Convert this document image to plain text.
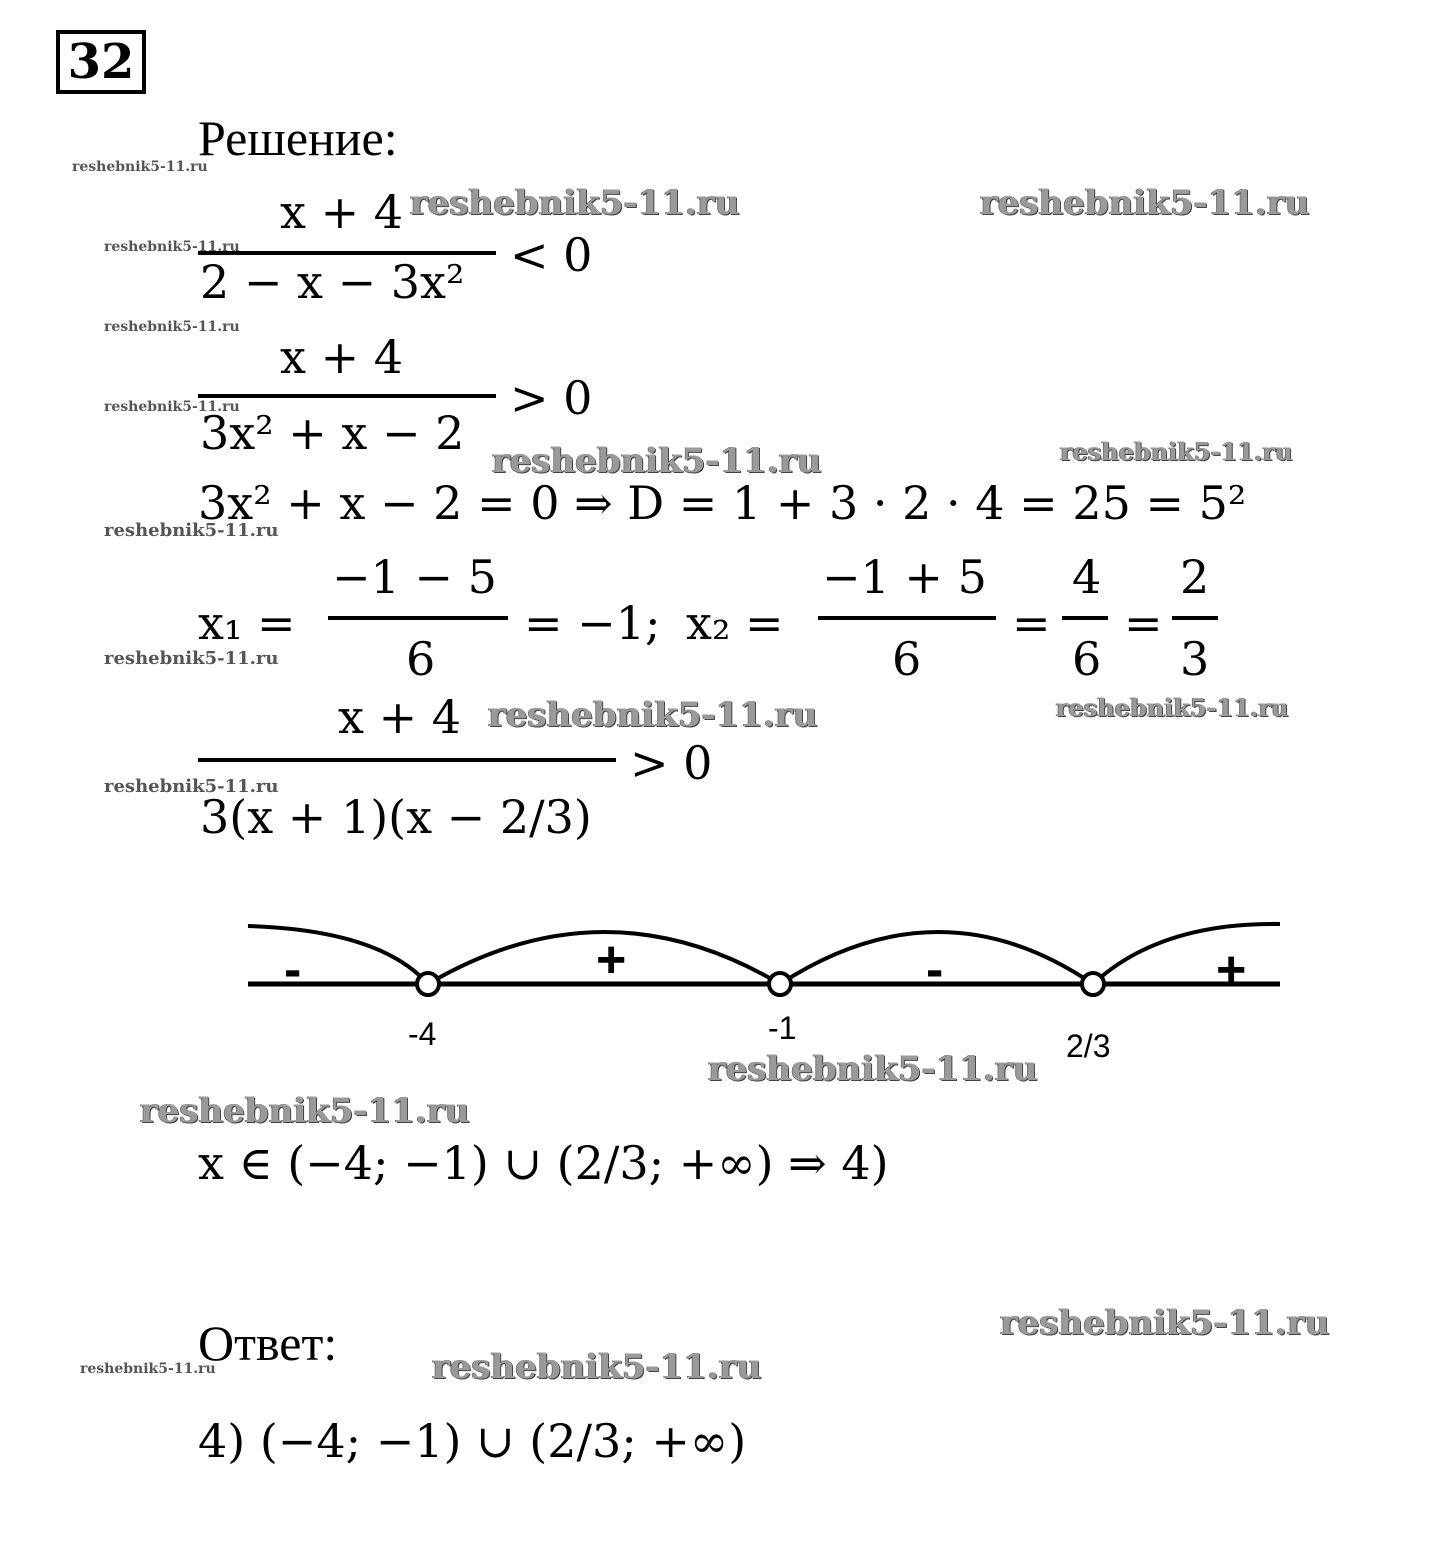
32
Решение:
x + 4
2 − x − 3x² < 0
x + 4
3x² + x − 2
> 0
3x² + x − 2 = 0 ⇒ D = 1 + 3 · 2 · 4 = 25 = 5²
x₁ =
−1 − 5
6
= −1; x₂ =
−1 + 5
6
=
4
6
=
2
3
x + 4
3(x + 1)(x − 2/3)
> 0
-	+	-	+
-4	-1	2/3
x ∈ (−4; −1) ∪ (2/3; +∞) ⇒ 4)
Ответ:
4) (−4; −1) ∪ (2/3; +∞)
reshebnik5-11.ru
reshebnik5-11.ru
reshebnik5-11.ru
reshebnik5-11.ru
reshebnik5-11.ru
reshebnik5-11.ru
reshebnik5-11.ru
reshebnik5-11.ru
reshebnik5-11.ru	reshebnik5-11.ru
reshebnik5-11.ru	reshebnik5-11.ru
reshebnik5-11.ru	reshebnik5-11.ru
reshebnik5-11.ru
reshebnik5-11.ru
reshebnik5-11.ru
reshebnik5-11.ru
